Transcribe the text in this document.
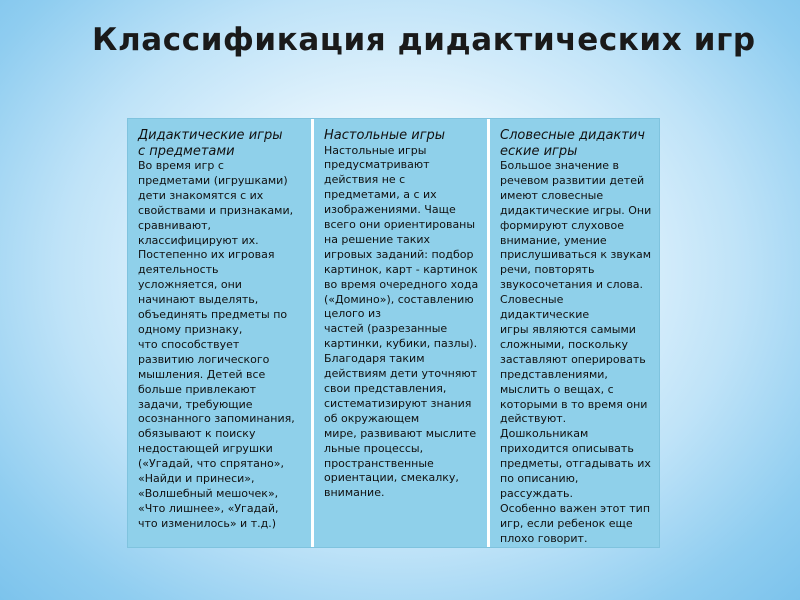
Классификация дидактических игр
Дидактические игры
с предметами
Во время игр с
предметами (игрушками)
дети знакомятся с их
свойствами и признаками,
сравнивают,
классифицируют их.
Постепенно их игровая
деятельность
усложняется, они
начинают выделять,
объединять предметы по
одному признаку,
что способствует
развитию логического
мышления. Детей все
больше привлекают
задачи, требующие
осознанного запоминания,
обязывают к поиску
недостающей игрушки
(«Угадай, что спрятано»,
«Найди и принеси»,
«Волшебный мешочек»,
«Что лишнее», «Угадай,
что изменилось» и т.д.)
Настольные игры
Настольные игры
предусматривают
действия не с
предметами, а с их
изображениями. Чаще
всего они ориентированы
на решение таких
игровых заданий: подбор
картинок, карт - картинок
во время очередного хода
(«Домино»), составлению
целого из
частей (разрезанные
картинки, кубики, пазлы).
Благодаря таким
действиям дети уточняют
свои представления,
систематизируют знания
об окружающем
мире, развивают мыслите
льные процессы,
пространственные
ориентации, смекалку,
внимание.
Словесные дидактич
еские игры
Большое значение в
речевом развитии детей
имеют словесные
дидактические игры. Они
формируют слуховое
внимание, умение
прислушиваться к звукам
речи, повторять
звукосочетания и слова.
Словесные дидактические
игры являются самыми
сложными, поскольку
заставляют оперировать
представлениями,
мыслить о вещах, с
которыми в то время они
действуют. Дошкольникам
приходится описывать
предметы, отгадывать их
по описанию, рассуждать.
Особенно важен этот тип
игр, если ребенок еще
плохо говорит.
